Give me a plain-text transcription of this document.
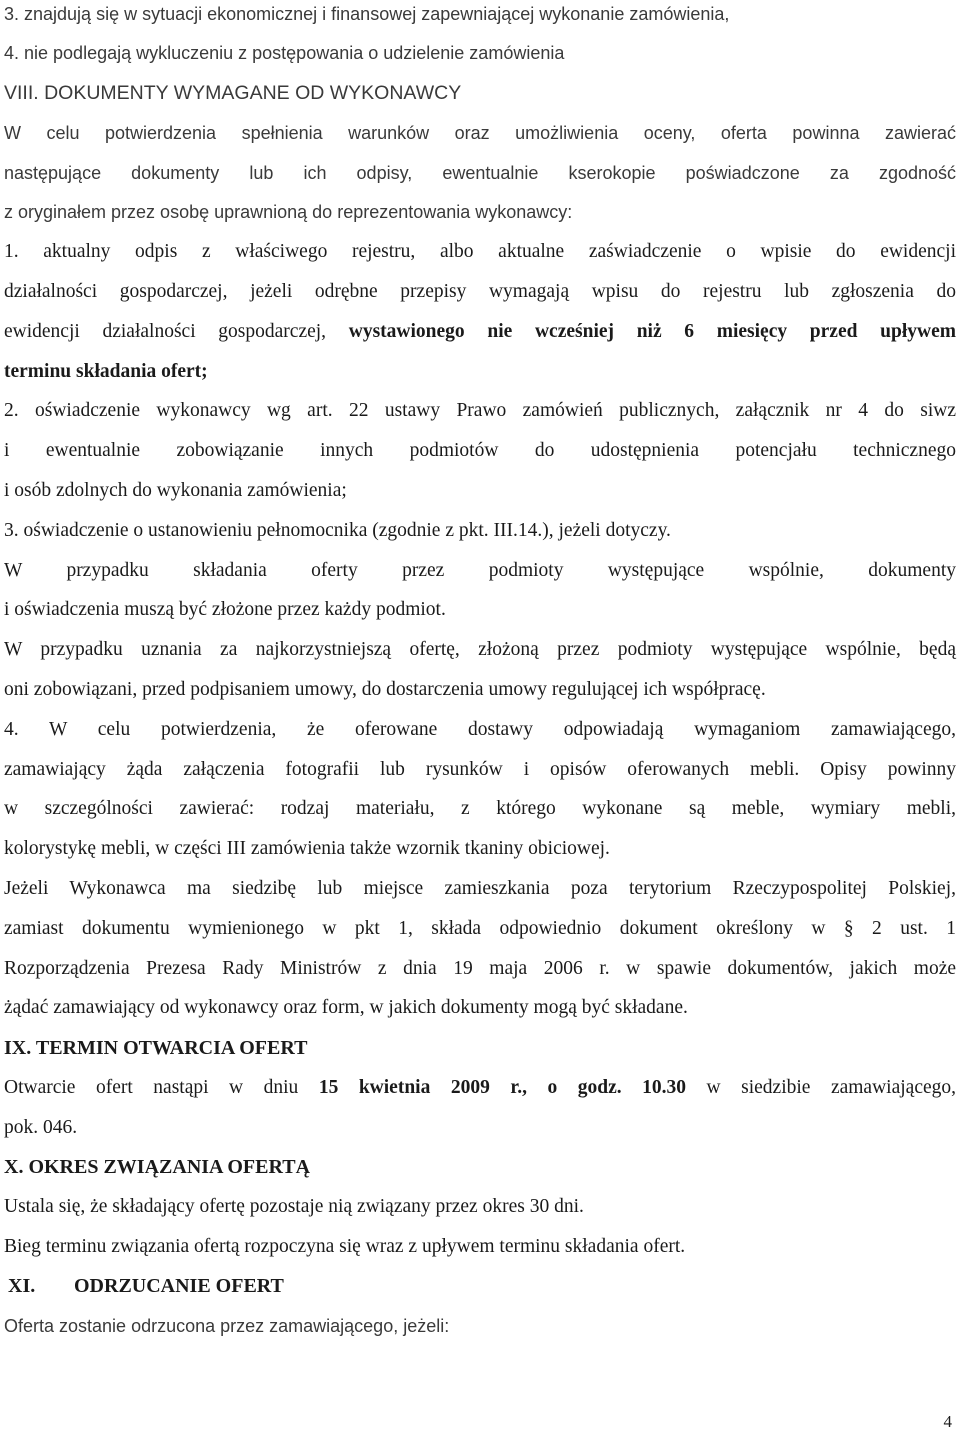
3. znajdują się w sytuacji ekonomicznej i finansowej zapewniającej wykonanie zamówienia,
4. nie podlegają wykluczeniu z postępowania o udzielenie zamówienia
VIII. DOKUMENTY WYMAGANE OD WYKONAWCY
W celu potwierdzenia spełnienia warunków oraz umożliwienia oceny, oferta powinna zawierać
następujące dokumenty lub ich odpisy, ewentualnie kserokopie poświadczone za zgodność
z oryginałem przez osobę uprawnioną do reprezentowania wykonawcy:
1. aktualny odpis z właściwego rejestru, albo aktualne zaświadczenie o wpisie do ewidencji
działalności gospodarczej, jeżeli odrębne przepisy wymagają wpisu do rejestru lub zgłoszenia do
ewidencji działalności gospodarczej, wystawionego nie wcześniej niż 6 miesięcy przed upływem
terminu składania ofert;
2. oświadczenie wykonawcy wg art. 22 ustawy Prawo zamówień publicznych, załącznik nr 4 do siwz
i ewentualnie zobowiązanie innych podmiotów do udostępnienia potencjału technicznego
i osób zdolnych do wykonania zamówienia;
3. oświadczenie o ustanowieniu pełnomocnika (zgodnie z pkt. III.14.), jeżeli dotyczy.
W przypadku składania oferty przez podmioty występujące wspólnie, dokumenty
i oświadczenia muszą być złożone przez każdy podmiot.
W przypadku uznania za najkorzystniejszą ofertę, złożoną przez podmioty występujące wspólnie, będą
oni zobowiązani, przed podpisaniem umowy, do dostarczenia umowy regulującej ich współpracę.
4. W celu potwierdzenia, że oferowane dostawy odpowiadają wymaganiom zamawiającego,
zamawiający żąda załączenia fotografii lub rysunków i opisów oferowanych mebli. Opisy powinny
w szczególności zawierać: rodzaj materiału, z którego wykonane są meble, wymiary mebli,
kolorystykę mebli, w części III zamówienia także wzornik tkaniny obiciowej.
Jeżeli Wykonawca ma siedzibę lub miejsce zamieszkania poza terytorium Rzeczypospolitej Polskiej,
zamiast dokumentu wymienionego w pkt 1, składa odpowiednio dokument określony w § 2 ust. 1
Rozporządzenia Prezesa Rady Ministrów z dnia 19 maja 2006 r. w spawie dokumentów, jakich może
żądać zamawiający od wykonawcy oraz form, w jakich dokumenty mogą być składane.
IX. TERMIN OTWARCIA OFERT
Otwarcie ofert nastąpi w dniu 15 kwietnia 2009 r., o godz. 10.30 w siedzibie zamawiającego,
pok. 046.
X. OKRES ZWIĄZANIA OFERTĄ
Ustala się, że składający ofertę pozostaje nią związany przez okres 30 dni.
Bieg terminu związania ofertą rozpoczyna się wraz z upływem terminu składania ofert.
XI. ODRZUCANIE OFERT
Oferta zostanie odrzucona przez zamawiającego, jeżeli:
4
